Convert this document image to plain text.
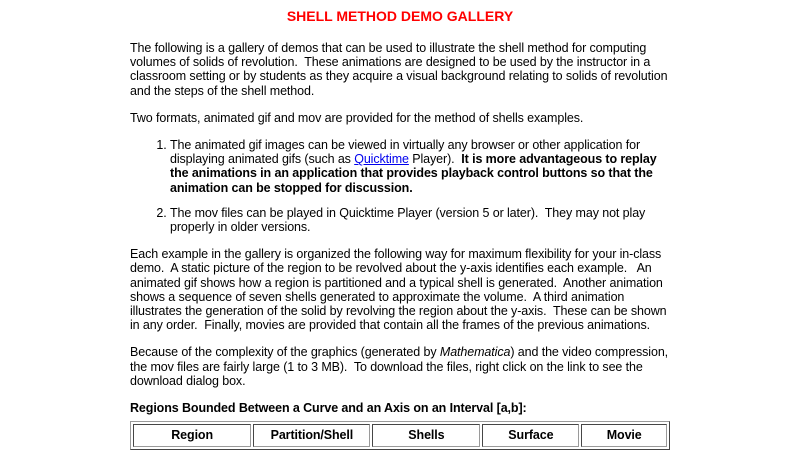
SHELL METHOD DEMO GALLERY

The following is a gallery of demos that can be used to illustrate the shell method for computing volumes of solids of revolution.  These animations are designed to be used by the instructor in a classroom setting or by students as they acquire a visual background relating to solids of revolution and the steps of the shell method.

Two formats, animated gif and mov are provided for the method of shells examples.

1. The animated gif images can be viewed in virtually any browser or other application for displaying animated gifs (such as Quicktime Player).  It is more advantageous to replay the animations in an application that provides playback control buttons so that the animation can be stopped for discussion.
2. The mov files can be played in Quicktime Player (version 5 or later).  They may not play properly in older versions.

Each example in the gallery is organized the following way for maximum flexibility for your in-class demo.  A static picture of the region to be revolved about the y-axis identifies each example.   An animated gif shows how a region is partitioned and a typical shell is generated.  Another animation shows a sequence of seven shells generated to approximate the volume.  A third animation illustrates the generation of the solid by revolving the region about the y-axis.  These can be shown in any order.  Finally, movies are provided that contain all the frames of the previous animations.

Because of the complexity of the graphics (generated by Mathematica) and the video compression, the mov files are fairly large (1 to 3 MB).  To download the files, right click on the link to see the download dialog box.

Regions Bounded Between a Curve and an Axis on an Interval [a,b]:

Region	Partition/Shell	Shells	Surface	Movie
